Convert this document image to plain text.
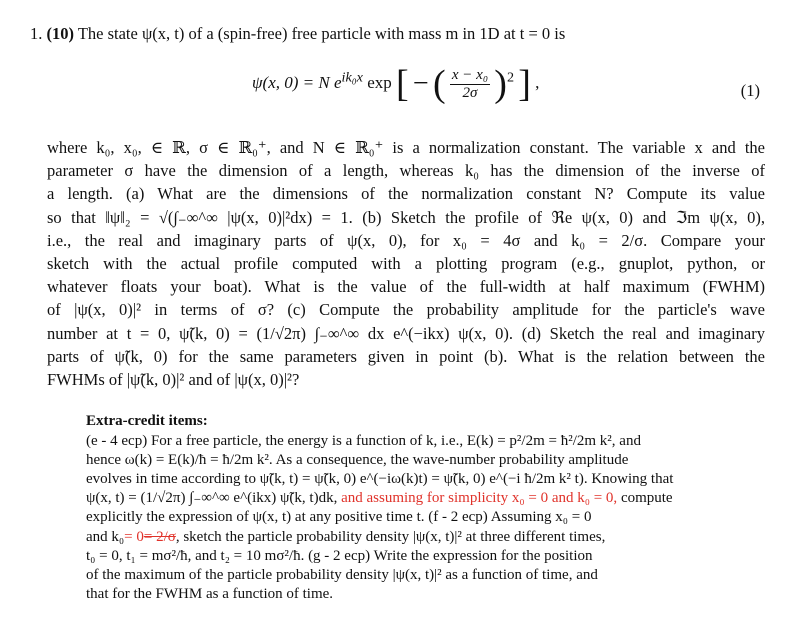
1. (10) The state ψ(x, t) of a (spin-free) free particle with mass m in 1D at t = 0 is
ψ(x, 0) = N $e^{ik_0x}$ exp [ − ( $\frac{\text{x − x₀}}{2\sigma} )^2$ ] ,	(1)
where k₀, x₀, ∈ ℝ, σ ∈ ℝ₀⁺, and N ∈ ℝ₀⁺ is a normalization constant. The variable x and the
parameter σ have the dimension of a length, whereas k₀ has the dimension of the inverse of
a length. (a) What are the dimensions of the normalization constant N? Compute its value
so that ‖ψ‖₂ = √(∫₋∞^∞ |ψ(x, 0)|²dx) = 1. (b) Sketch the profile of ℜe ψ(x, 0) and ℑm ψ(x, 0),
i.e., the real and imaginary parts of ψ(x, 0), for x₀ = 4σ and k₀ = 2/σ. Compare your
sketch with the actual profile computed with a plotting program (e.g., gnuplot, python, or
whatever floats your boat). What is the value of the full-width at half maximum (FWHM)
of |ψ(x, 0)|² in terms of σ? (c) Compute the probability amplitude for the particle's wave
number at t = 0, ψ̃(k, 0) = (1/√2π) ∫₋∞^∞ dx e^(−ikx) ψ(x, 0). (d) Sketch the real and imaginary
parts of ψ̃(k, 0) for the same parameters given in point (b). What is the relation between the
FWHMs of |ψ̃(k, 0)|² and of |ψ(x, 0)|²?
Extra-credit items:
(e - 4 ecp) For a free particle, the energy is a function of k, i.e., E(k) = p²/2m = ħ²/2m k², and
hence ω(k) = E(k)/ħ = ħ/2m k². As a consequence, the wave-number probability amplitude
evolves in time according to ψ̃(k, t) = ψ̃(k, 0) e^(−iω(k)t) = ψ̃(k, 0) e^(−i ħ/2m k² t). Knowing that
ψ(x, t) = (1/√2π) ∫₋∞^∞ e^(ikx) ψ̃(k, t)dk, and assuming for simplicity x₀ = 0 and k₀ = 0, compute
explicitly the expression of ψ(x, t) at any positive time t. (f - 2 ecp) Assuming x₀ = 0
and k₀= 0= 2/σ, sketch the particle probability density |ψ(x, t)|² at three different times,
t₀ = 0, t₁ = mσ²/ħ, and t₂ = 10 mσ²/ħ. (g - 2 ecp) Write the expression for the position
of the maximum of the particle probability density |ψ(x, t)|² as a function of time, and
that for the FWHM as a function of time.
